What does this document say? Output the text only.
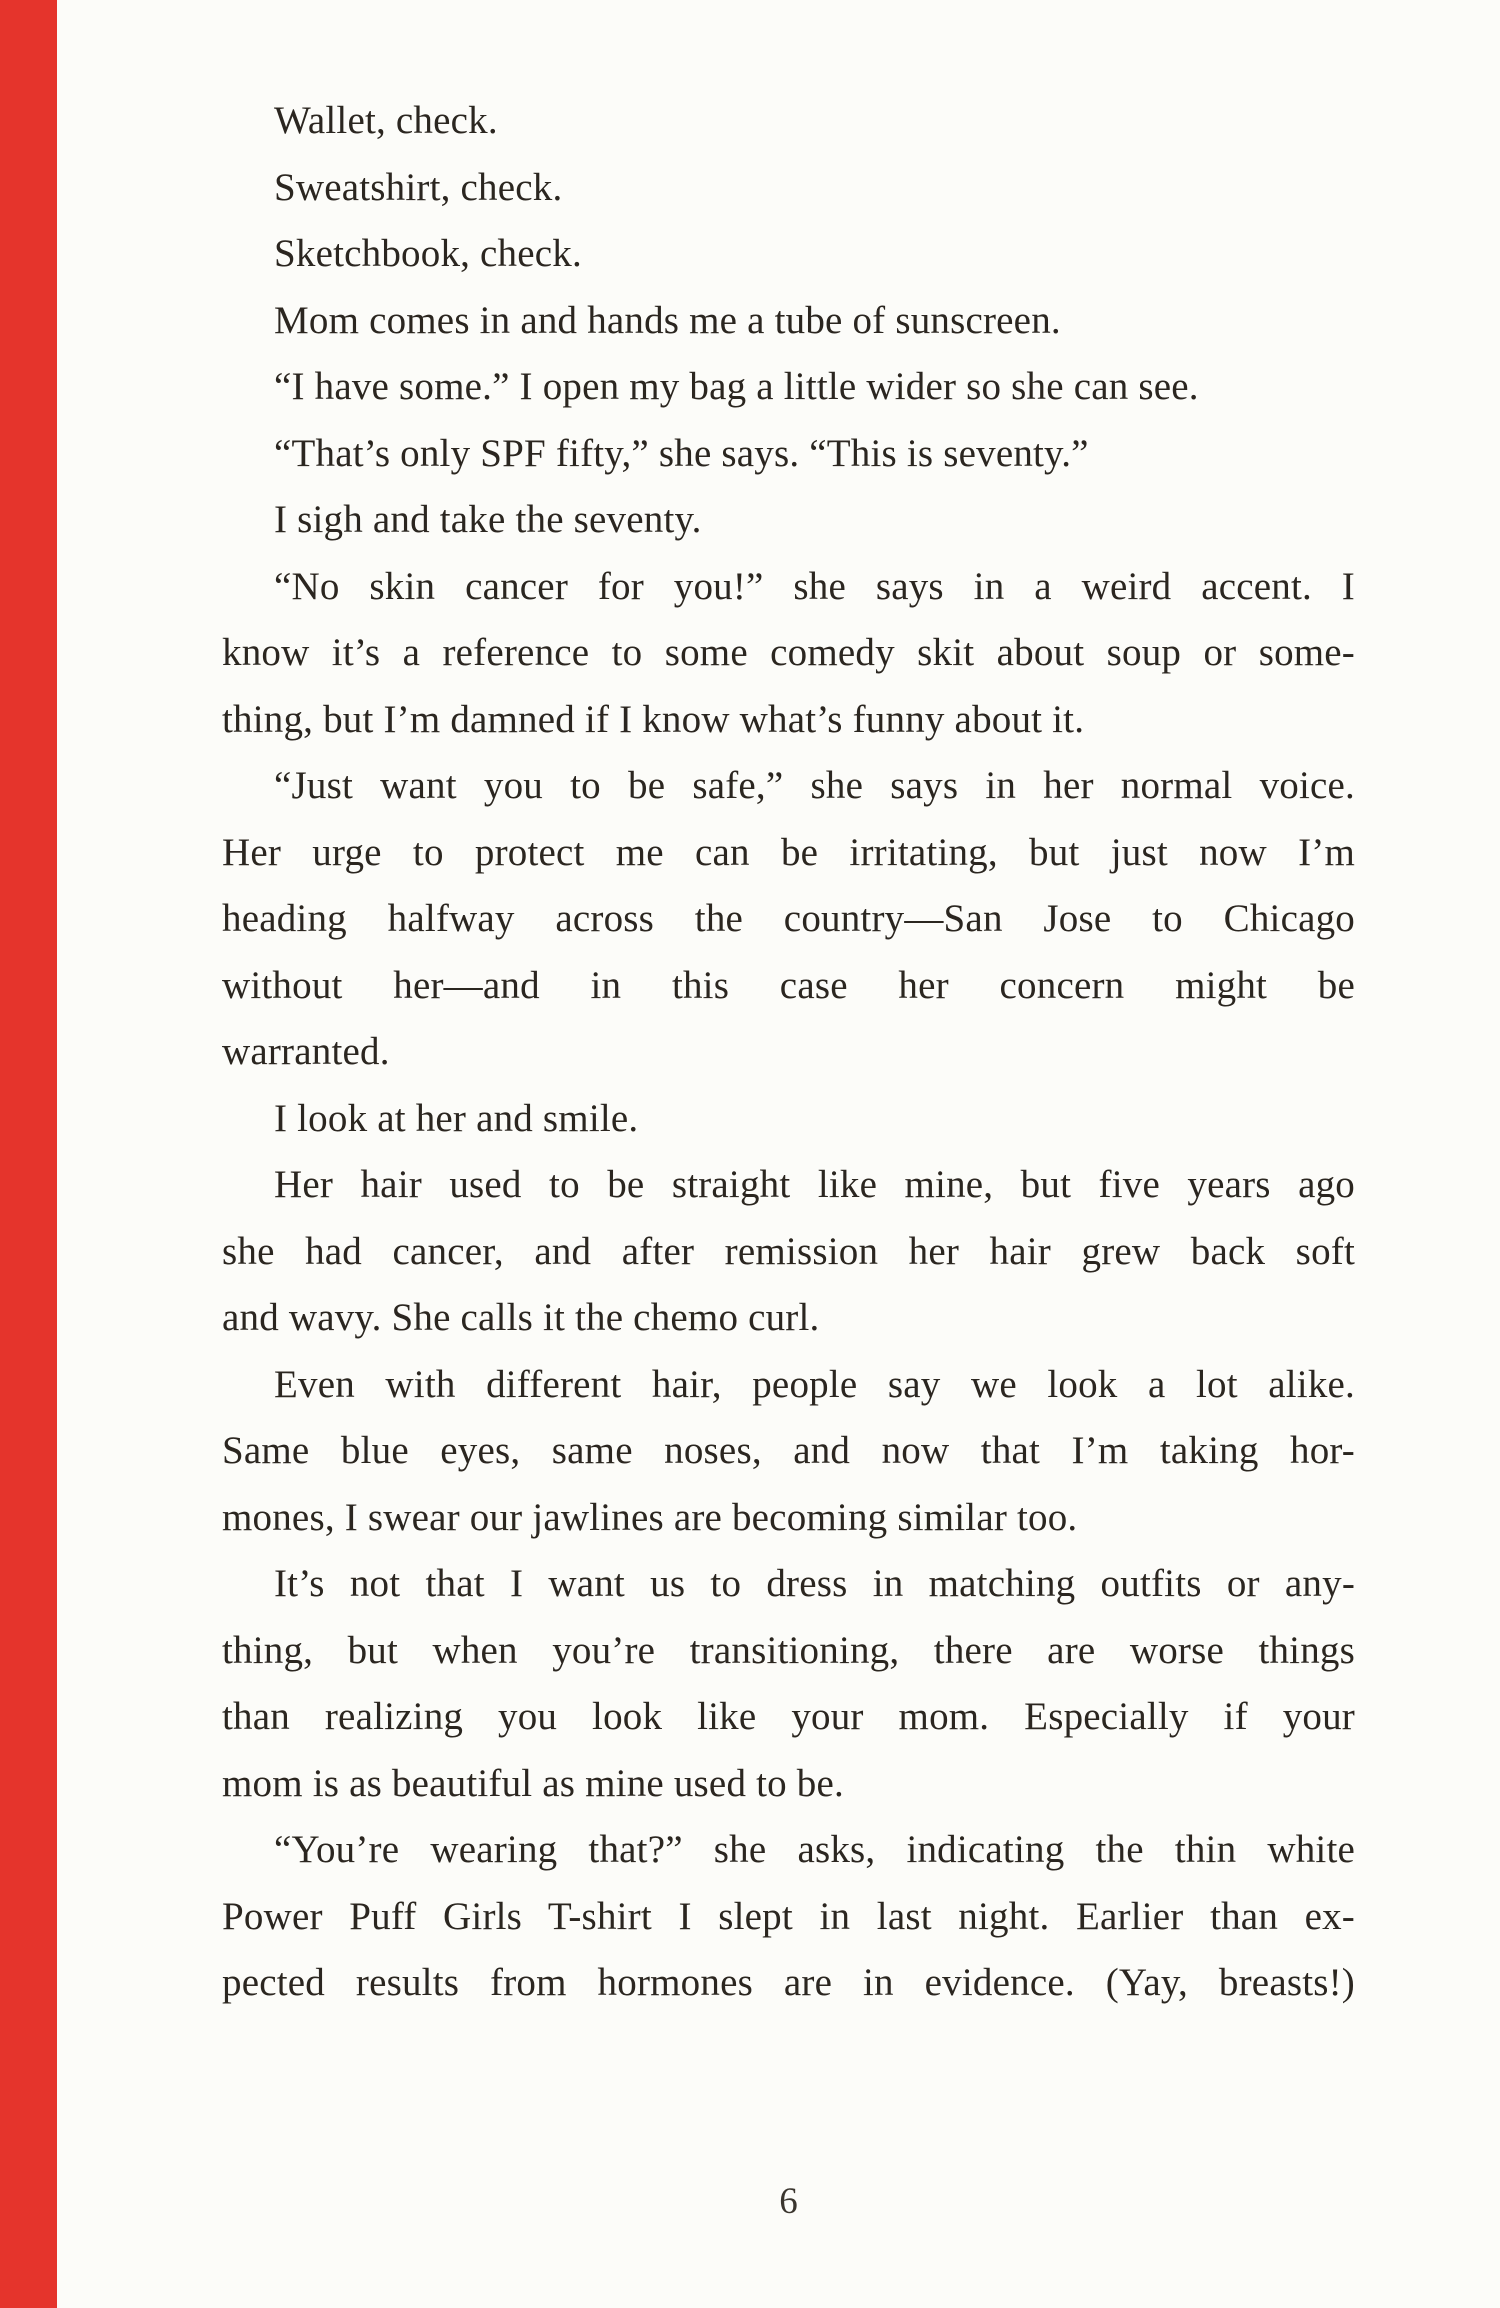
Wallet, check.
Sweatshirt, check.
Sketchbook, check.
Mom comes in and hands me a tube of sunscreen.
“I have some.” I open my bag a little wider so she can see.
“That’s only SPF fifty,” she says. “This is seventy.”
I sigh and take the seventy.
“No skin cancer for you!” she says in a weird accent. I
know it’s a reference to some comedy skit about soup or some-
thing, but I’m damned if I know what’s funny about it.
“Just want you to be safe,” she says in her normal voice.
Her urge to protect me can be irritating, but just now I’m
heading halfway across the country—San Jose to Chicago
without her—and in this case her concern might be
warranted.
I look at her and smile.
Her hair used to be straight like mine, but five years ago
she had cancer, and after remission her hair grew back soft
and wavy. She calls it the chemo curl.
Even with different hair, people say we look a lot alike.
Same blue eyes, same noses, and now that I’m taking hor-
mones, I swear our jawlines are becoming similar too.
It’s not that I want us to dress in matching outfits or any-
thing, but when you’re transitioning, there are worse things
than realizing you look like your mom. Especially if your
mom is as beautiful as mine used to be.
“You’re wearing that?” she asks, indicating the thin white
Power Puff Girls T-shirt I slept in last night. Earlier than ex-
pected results from hormones are in evidence. (Yay, breasts!)
6
